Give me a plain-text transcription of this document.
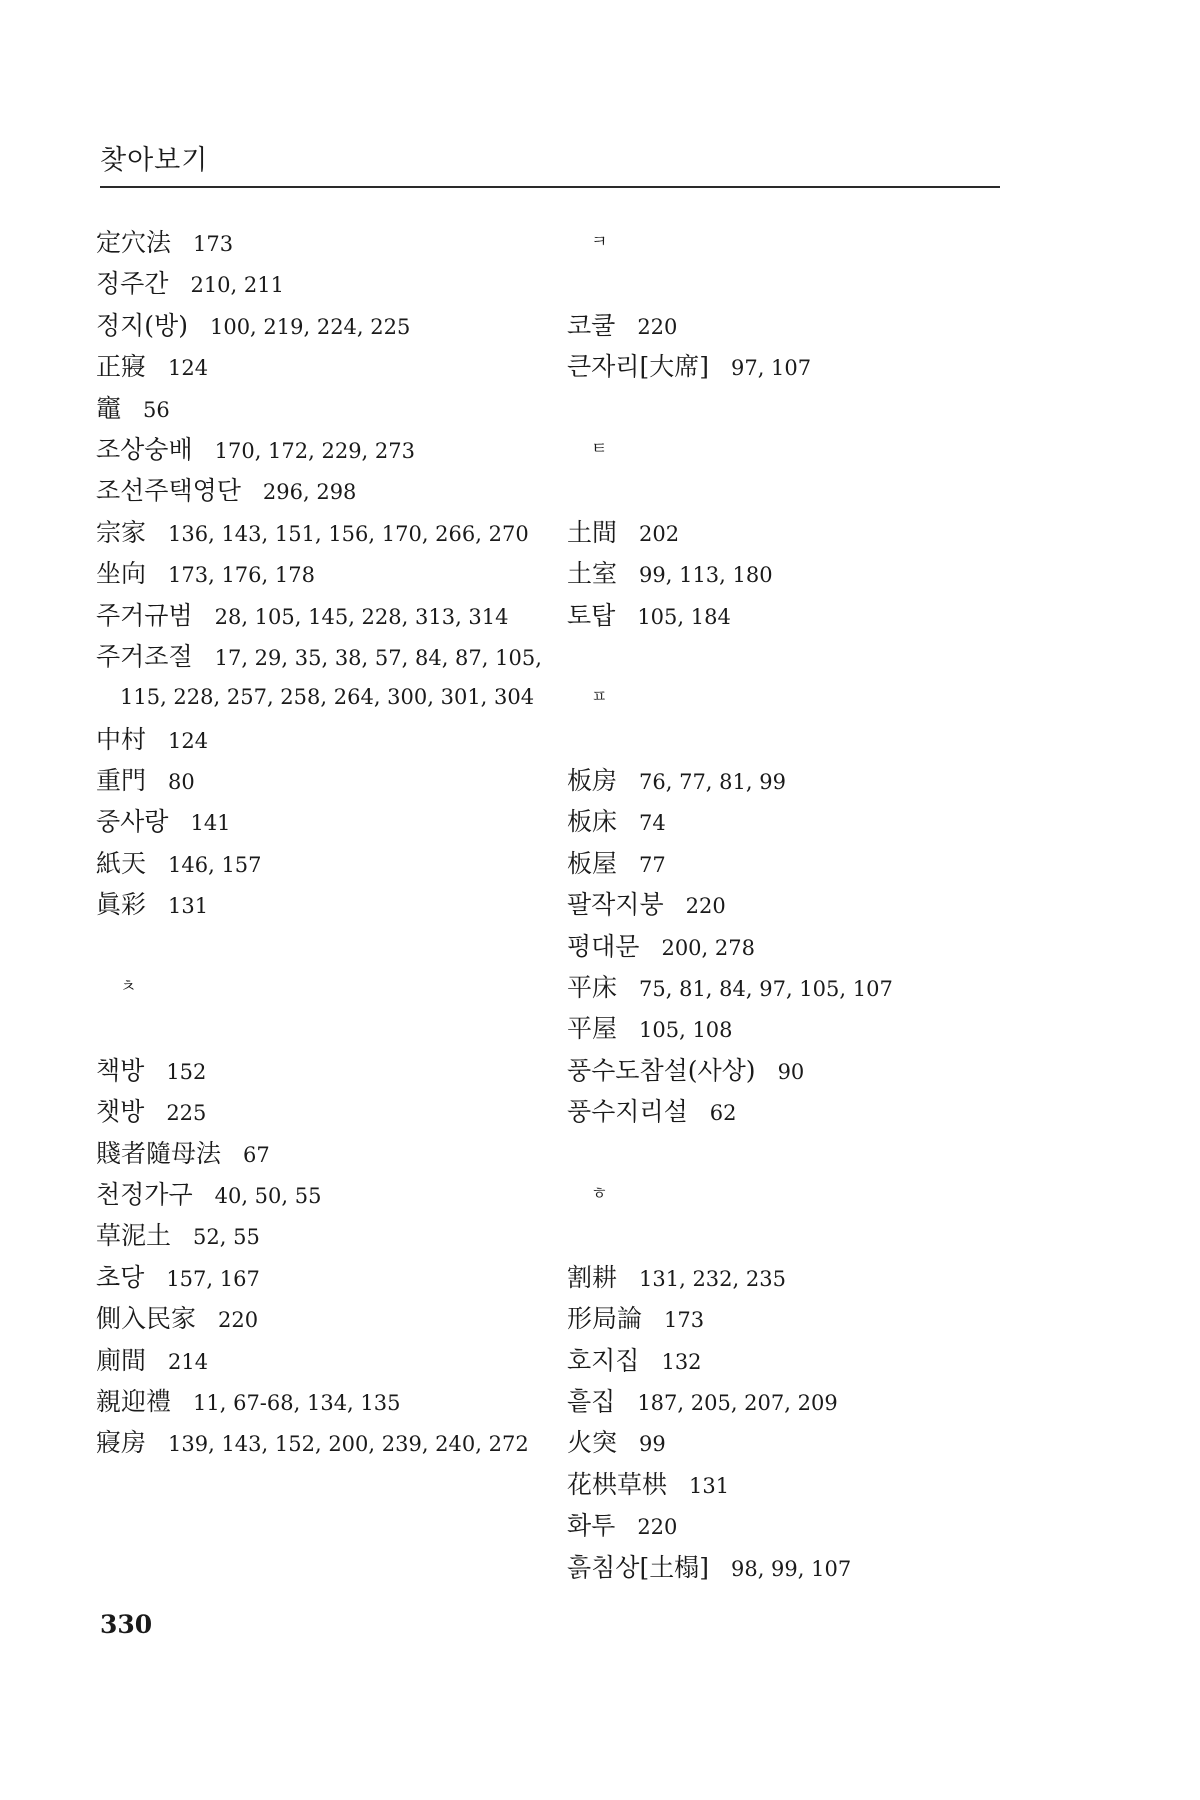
찾아보기
定穴法 173
정주간 210, 211
정지(방) 100, 219, 224, 225
正寢 124
竈 56
조상숭배 170, 172, 229, 273
조선주택영단 296, 298
宗家 136, 143, 151, 156, 170, 266, 270
坐向 173, 176, 178
주거규범 28, 105, 145, 228, 313, 314
주거조절 17, 29, 35, 38, 57, 84, 87, 105,
115, 228, 257, 258, 264, 300, 301, 304
中村 124
重門 80
중사랑 141
紙天 146, 157
眞彩 131
ㅊ
책방 152
챗방 225
賤者隨母法 67
천정가구 40, 50, 55
草泥土 52, 55
초당 157, 167
側入民家 220
廁間 214
親迎禮 11, 67-68, 134, 135
寢房 139, 143, 152, 200, 239, 240, 272
ㅋ
코쿨 220
큰자리[大席] 97, 107
ㅌ
土間 202
土室 99, 113, 180
토탑 105, 184
ㅍ
板房 76, 77, 81, 99
板床 74
板屋 77
팔작지붕 220
평대문 200, 278
平床 75, 81, 84, 97, 105, 107
平屋 105, 108
풍수도참설(사상) 90
풍수지리설 62
ㅎ
割耕 131, 232, 235
形局論 173
호지집 132
흩집 187, 205, 207, 209
火突 99
花栱草栱 131
화투 220
흙침상[土榻] 98, 99, 107
330
